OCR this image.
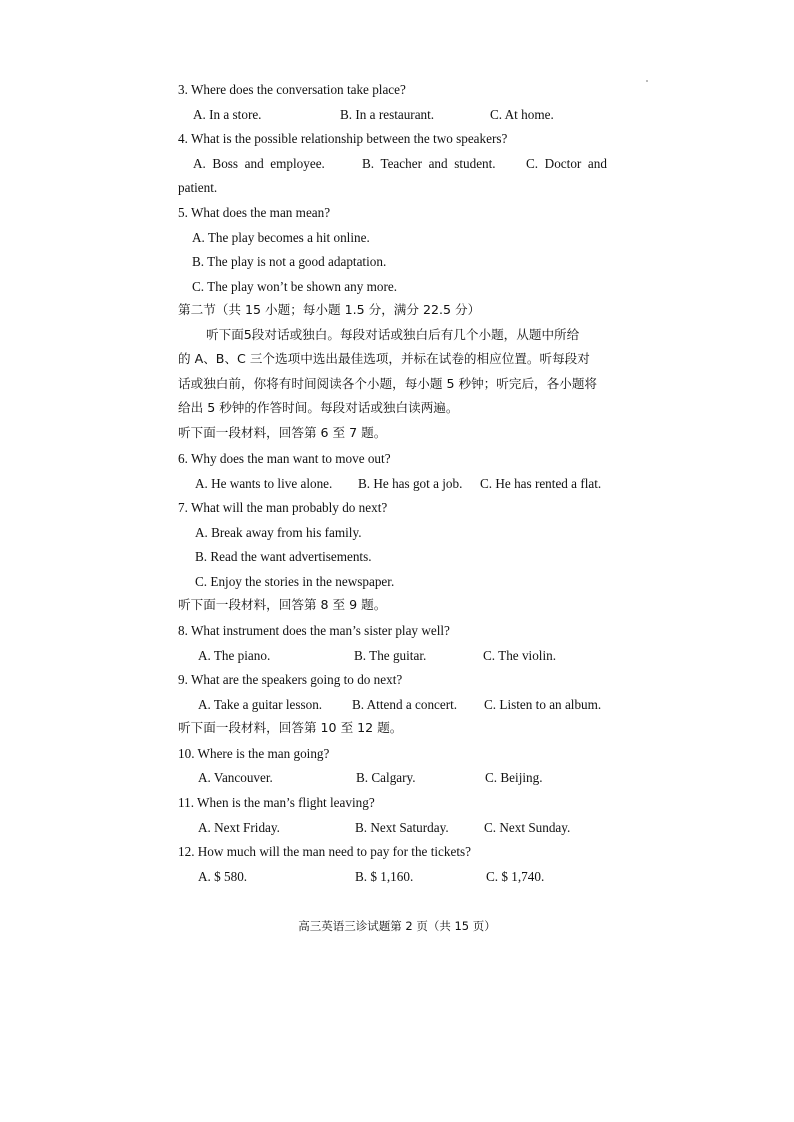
3. Where does the conversation take place?
A. In a store.	B. In a restaurant.	C. At home.
4. What is the possible relationship between the two speakers?
A.  Boss  and  employee.	B.  Teacher  and  student. C.  Doctor  and
patient.
5. What does the man mean?
A. The play becomes a hit online.
B. The play is not a good adaptation.
C. The play won’t be shown any more.
第二节（共 15 小题；每小题 1.5 分，满分 22.5 分）
听下面5段对话或独白。每段对话或独白后有几个小题，从题中所给
的 A、B、C 三个选项中选出最佳选项，并标在试卷的相应位置。听每段对
话或独白前，你将有时间阅读各个小题，每小题 5 秒钟；听完后，各小题将
给出 5 秒钟的作答时间。每段对话或独白读两遍。
听下面一段材料，回答第 6 至 7 题。
6. Why does the man want to move out?
A. He wants to live alone. B. He has got a job. C. He has rented a flat.
7. What will the man probably do next?
A. Break away from his family.
B. Read the want advertisements.
C. Enjoy the stories in the newspaper.
听下面一段材料，回答第 8 至 9 题。
8. What instrument does the man’s sister play well?
A. The piano.	B. The guitar.	C. The violin.
9. What are the speakers going to do next?
A. Take a guitar lesson. B. Attend a concert. C. Listen to an album.
听下面一段材料，回答第 10 至 12 题。
10. Where is the man going?
A. Vancouver.	B. Calgary.	C. Beijing.
11. When is the man’s flight leaving?
A. Next Friday.	B. Next Saturday.	C. Next Sunday.
12. How much will the man need to pay for the tickets?
A. $ 580.	B. $ 1,160.	C. $ 1,740.
高三英语三诊试题第 2 页（共 15 页）
